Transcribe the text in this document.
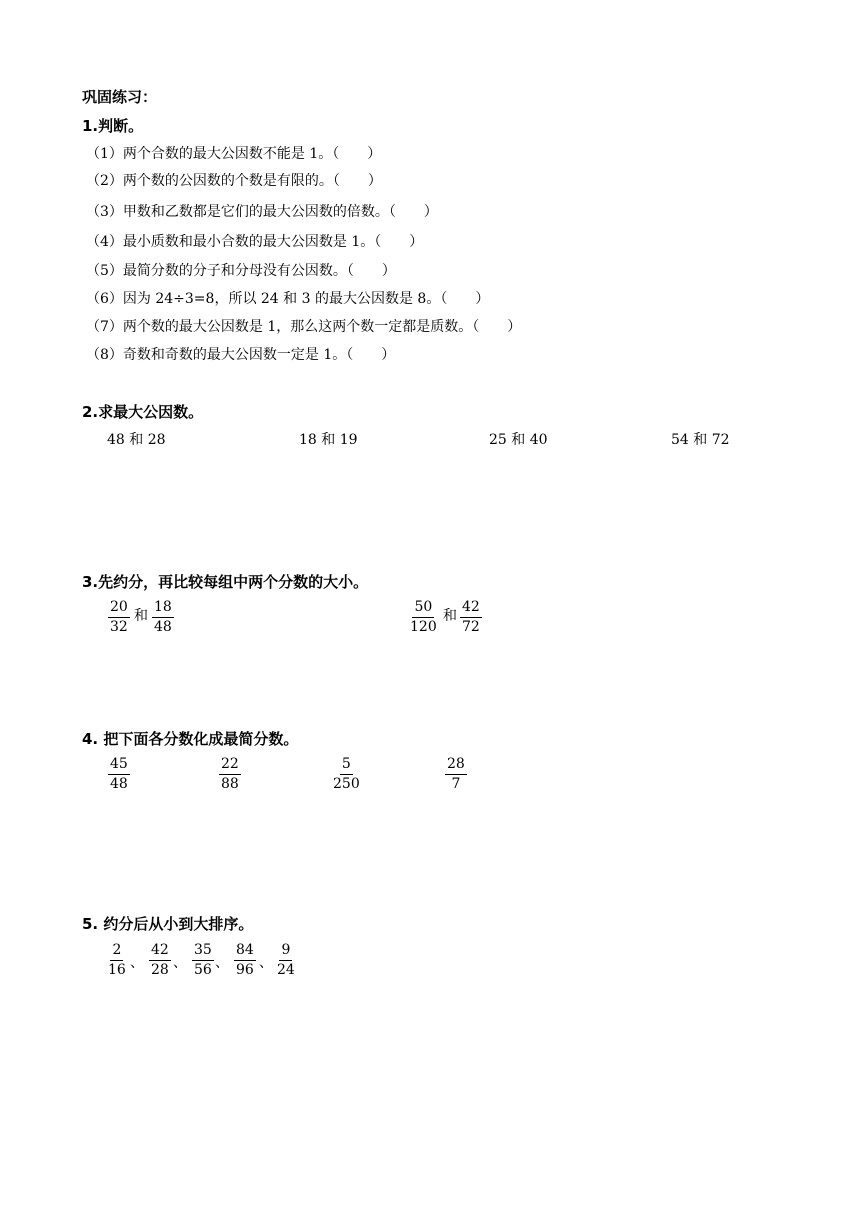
巩固练习：
1.判断。
（1）两个合数的最大公因数不能是 1。（　　）
（2）两个数的公因数的个数是有限的。（　　）
（3）甲数和乙数都是它们的最大公因数的倍数。（　　）
（4）最小质数和最小合数的最大公因数是 1。（　　）
（5）最简分数的分子和分母没有公因数。（　　）
（6）因为 24÷3=8，所以 24 和 3 的最大公因数是 8。（　　）
（7）两个数的最大公因数是 1，那么这两个数一定都是质数。（　　）
（8）奇数和奇数的最大公因数一定是 1。（　　）
2.求最大公因数。
48 和 28	18 和 19	25 和 40	54 和 72
3.先约分，再比较每组中两个分数的大小。
$\frac{20}{32}$ 和 $\frac{18}{48}$	$\frac{50}{120}$ 和 $\frac{42}{72}$
4. 把下面各分数化成最简分数。
$\frac{45}{48}$	$\frac{22}{88}$	$\frac{5}{250}$	$\frac{28}{7}$
5. 约分后从小到大排序。
$\frac{2}{16}$ 、 $\frac{42}{28}$ 、 $\frac{35}{56}$ 、 $\frac{84}{96}$ 、 $\frac{9}{24}$
